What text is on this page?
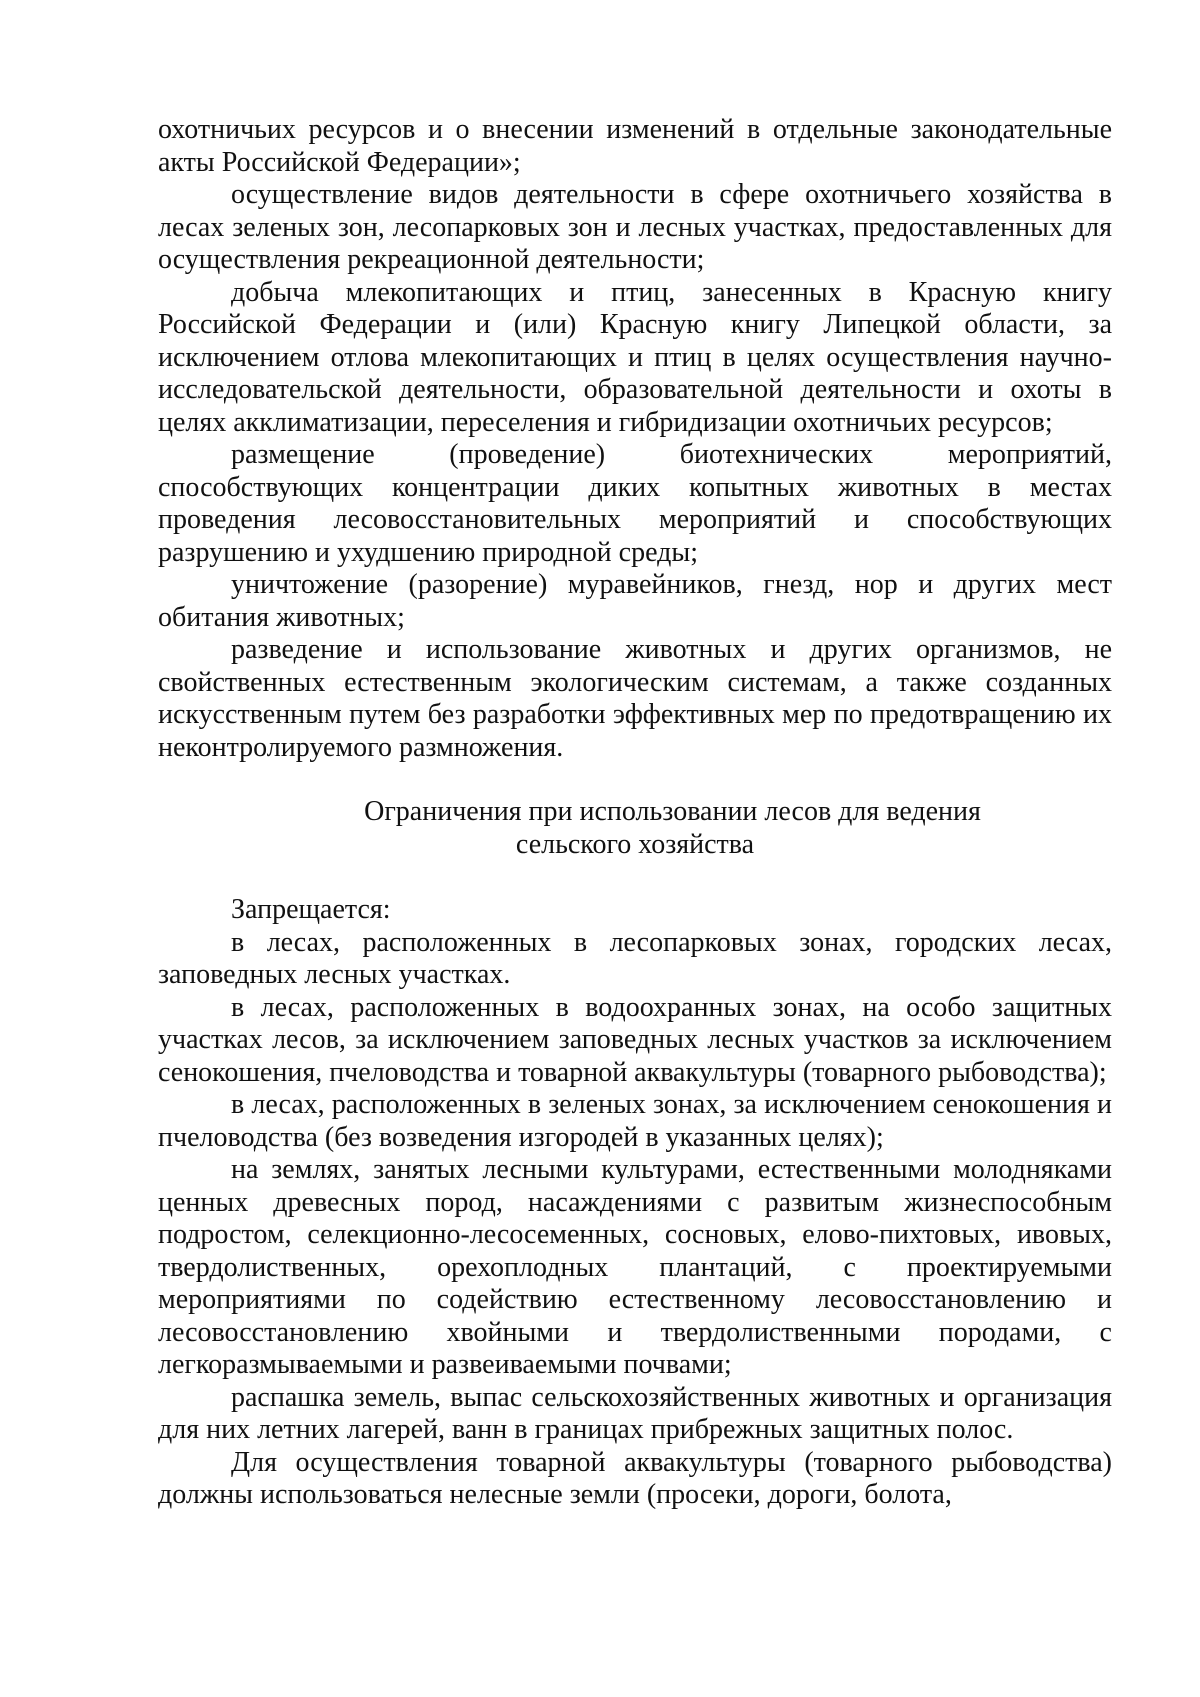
охотничьих ресурсов и о внесении изменений в отдельные законодательные акты Российской Федерации»;

осуществление видов деятельности в сфере охотничьего хозяйства в лесах зеленых зон, лесопарковых зон и лесных участках, предоставленных для осуществления рекреационной деятельности;

добыча млекопитающих и птиц, занесенных в Красную книгу Российской Федерации и (или) Красную книгу Липецкой области, за исключением отлова млекопитающих и птиц в целях осуществления научно-исследовательской деятельности, образовательной деятельности и охоты в целях акклиматизации, переселения и гибридизации охотничьих ресурсов;

размещение (проведение) биотехнических мероприятий, способствующих концентрации диких копытных животных в местах проведения лесовосстановительных мероприятий и способствующих разрушению и ухудшению природной среды;

уничтожение (разорение) муравейников, гнезд, нор и других мест обитания животных;

разведение и использование животных и других организмов, не свойственных естественным экологическим системам, а также созданных искусственным путем без разработки эффективных мер по предотвращению их неконтролируемого размножения.

Ограничения при использовании лесов для ведения
сельского хозяйства

Запрещается:

в лесах, расположенных в лесопарковых зонах, городских лесах, заповедных лесных участках.

в лесах, расположенных в водоохранных зонах, на особо защитных участках лесов, за исключением заповедных лесных участков за исключением сенокошения, пчеловодства и товарной аквакультуры (товарного рыбоводства);

в лесах, расположенных в зеленых зонах, за исключением сенокошения и пчеловодства (без возведения изгородей в указанных целях);

на землях, занятых лесными культурами, естественными молодняками ценных древесных пород, насаждениями с развитым жизнеспособным подростом, селекционно-лесосеменных, сосновых, елово-пихтовых, ивовых, твердолиственных, орехоплодных плантаций, с проектируемыми мероприятиями по содействию естественному лесовосстановлению и лесовосстановлению хвойными и твердолиственными породами, с легкоразмываемыми и развеиваемыми почвами;

распашка земель, выпас сельскохозяйственных животных и организация для них летних лагерей, ванн в границах прибрежных защитных полос.

Для осуществления товарной аквакультуры (товарного рыбоводства) должны использоваться нелесные земли (просеки, дороги, болота,
